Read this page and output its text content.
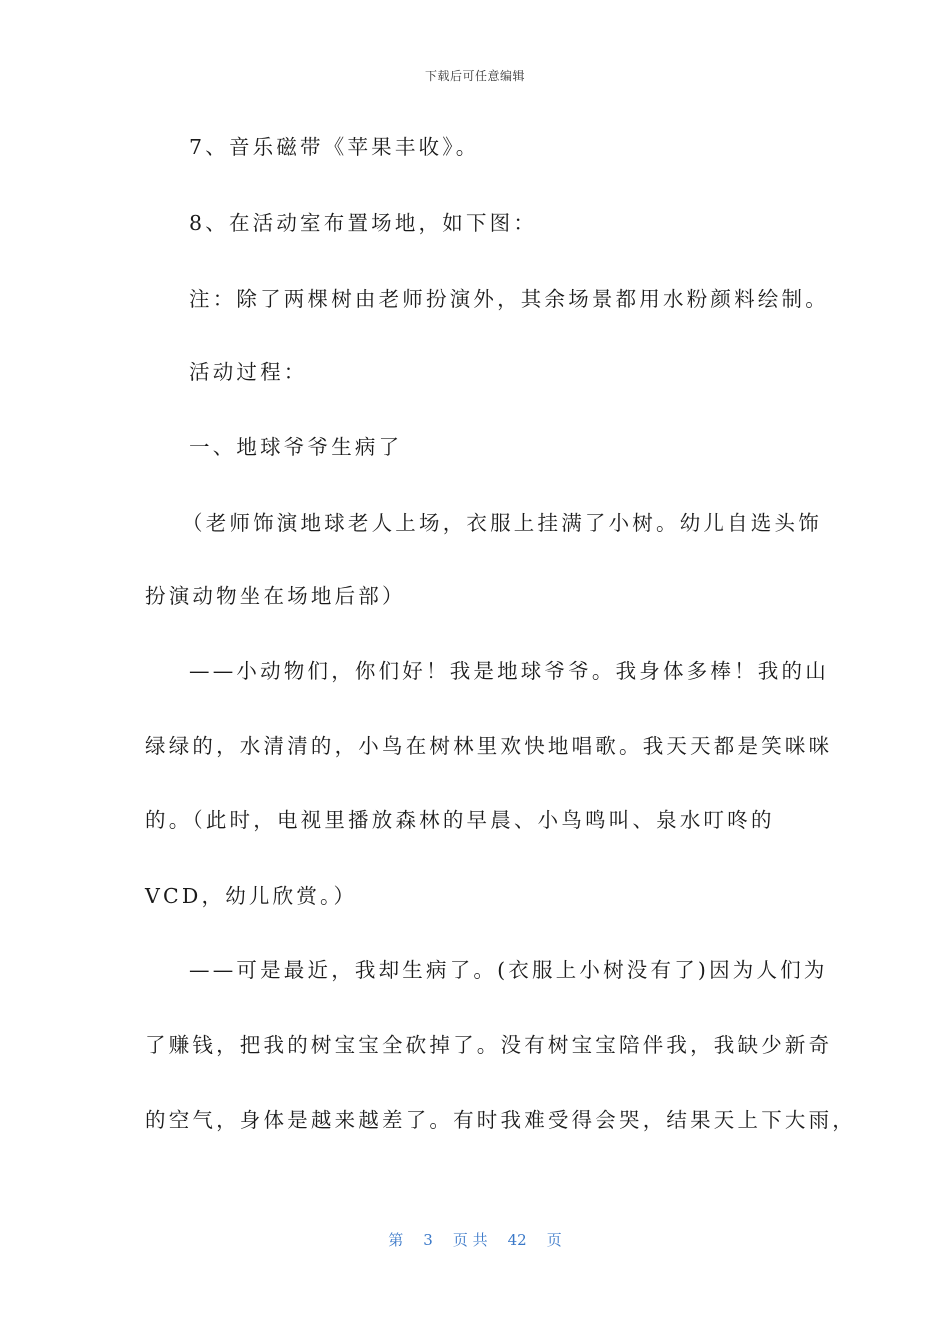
下载后可任意编辑
7、音乐磁带《苹果丰收》。
8、在活动室布置场地，如下图：
注：除了两棵树由老师扮演外，其余场景都用水粉颜料绘制。
活动过程：
一、地球爷爷生病了
（老师饰演地球老人上场，衣服上挂满了小树。幼儿自选头饰
扮演动物坐在场地后部）
——小动物们，你们好！我是地球爷爷。我身体多棒！我的山
绿绿的，水清清的，小鸟在树林里欢快地唱歌。我天天都是笑咪咪
的。（此时，电视里播放森林的早晨、小鸟鸣叫、泉水叮咚的
VCD，幼儿欣赏。）
——可是最近，我却生病了。(衣服上小树没有了)因为人们为
了赚钱，把我的树宝宝全砍掉了。没有树宝宝陪伴我，我缺少新奇
的空气，身体是越来越差了。有时我难受得会哭，结果天上下大雨，
第 3 页 共 42 页
